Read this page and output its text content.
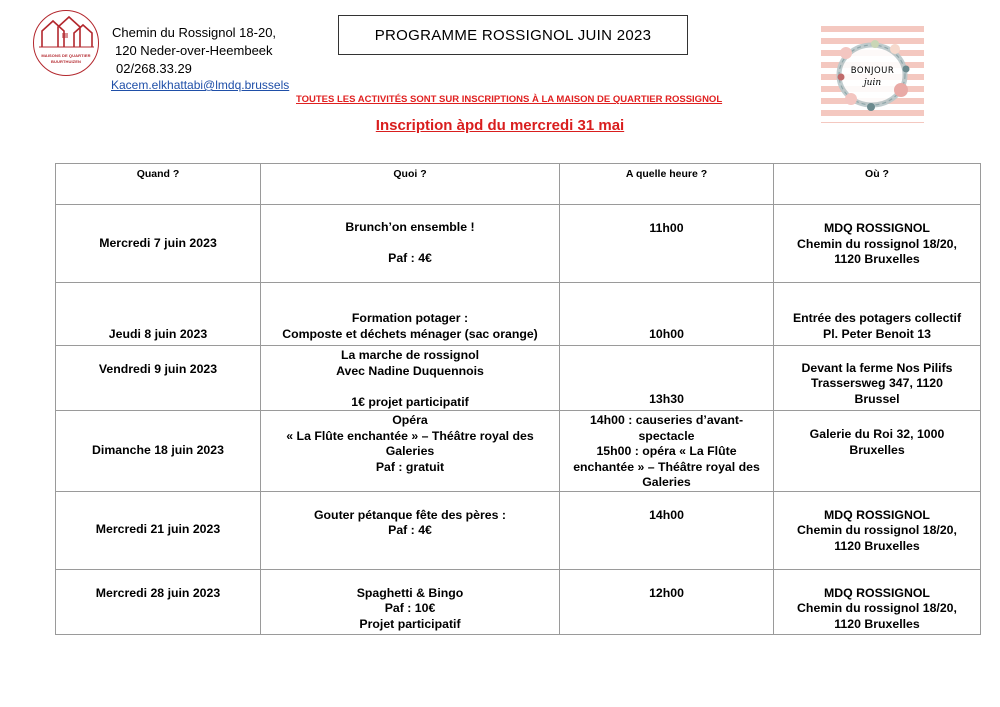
MAISONS DE QUARTIER
BUURTHUIZEN
Chemin du Rossignol 18-20,
120 Neder-over-Heembeek
02/268.33.29
Kacem.elkhattabi@lmdq.brussels
PROGRAMME ROSSIGNOL JUIN 2023
BONJOUR
juin
TOUTES LES ACTIVITÉS SONT SUR INSCRIPTIONS À LA MAISON DE QUARTIER ROSSIGNOL
Inscription àpd du mercredi 31 mai
Quand ?	Quoi ?	A quelle heure ?	Où ?
Mercredi 7 juin 2023	Brunch’on ensemble !
Paf : 4€	11h00	MDQ ROSSIGNOL
Chemin du rossignol 18/20,
1120 Bruxelles

Jeudi 8 juin 2023	Formation potager :
Composte et déchets ménager (sac orange)	10h00	Entrée des potagers collectif
Pl. Peter Benoit 13

Vendredi 9 juin 2023	La marche de rossignol
Avec Nadine Duquennois
1€ projet participatif	13h30	Devant la ferme Nos Pilifs
Trassersweg 347, 1120
Brussel

Dimanche 18 juin 2023	Opéra
« La Flûte enchantée » – Théâtre royal des
Galeries
Paf : gratuit	14h00 : causeries d’avant-
spectacle
15h00 : opéra « La Flûte
enchantée » – Théâtre royal des
Galeries	Galerie du Roi 32, 1000
Bruxelles

Mercredi 21 juin 2023	Gouter pétanque fête des pères :
Paf : 4€	14h00	MDQ ROSSIGNOL
Chemin du rossignol 18/20,
1120 Bruxelles

Mercredi 28 juin 2023	Spaghetti & Bingo
Paf : 10€
Projet participatif	12h00	MDQ ROSSIGNOL
Chemin du rossignol 18/20,
1120 Bruxelles
